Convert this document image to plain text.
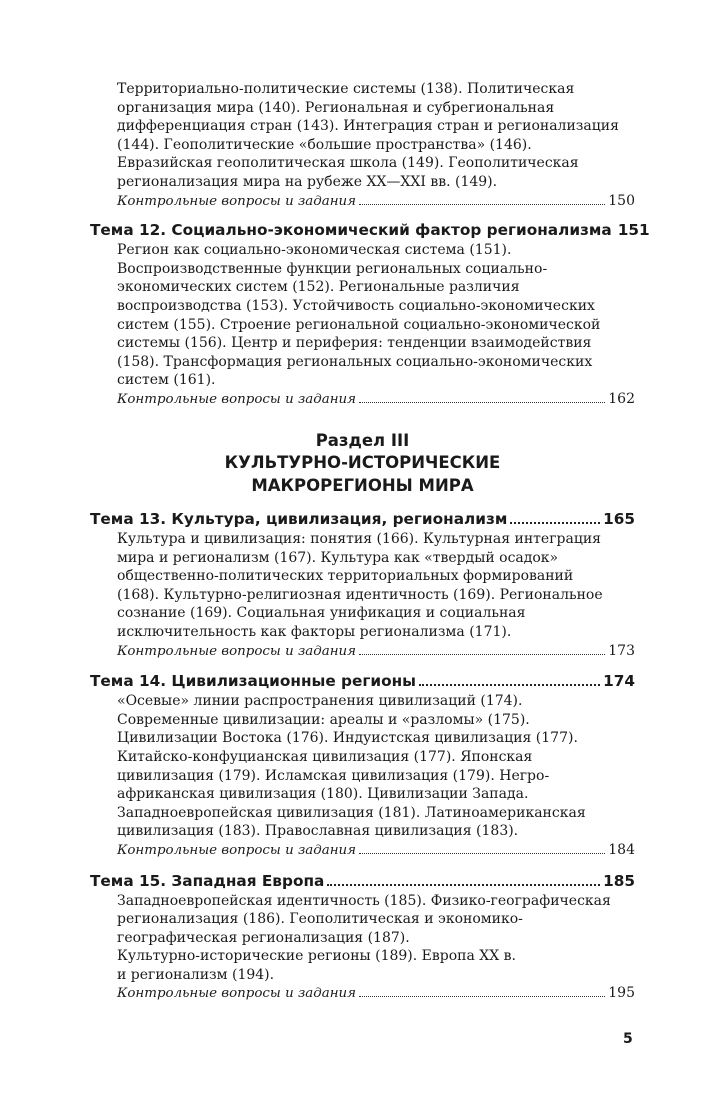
Территориально-политические системы (138). Политическая
организация мира (140). Региональная и субрегиональная
дифференциация стран (143). Интеграция стран и регионализация
(144). Геополитические «большие пространства» (146).
Евразийская геополитическая школа (149). Геополитическая
регионализация мира на рубеже XX—XXI вв. (149).
Контрольные вопросы и задания	150
Тема 12. Социально-экономический фактор регионализма 151
Регион как социально-экономическая система (151).
Воспроизводственные функции региональных социально-
экономических систем (152). Региональные различия
воспроизводства (153). Устойчивость социально-экономических
систем (155). Строение региональной социально-экономической
системы (156). Центр и периферия: тенденции взаимодействия
(158). Трансформация региональных социально-экономических
систем (161).
Контрольные вопросы и задания	162
Раздел III
КУЛЬТУРНО-ИСТОРИЧЕСКИЕ
МАКРОРЕГИОНЫ МИРА
Тема 13. Культура, цивилизация, регионализм	165
Культура и цивилизация: понятия (166). Культурная интеграция
мира и регионализм (167). Культура как «твердый осадок»
общественно-политических территориальных формирований
(168). Культурно-религиозная идентичность (169). Региональное
сознание (169). Социальная унификация и социальная
исключительность как факторы регионализма (171).
Контрольные вопросы и задания	173
Тема 14. Цивилизационные регионы	174
«Осевые» линии распространения цивилизаций (174).
Современные цивилизации: ареалы и «разломы» (175).
Цивилизации Востока (176). Индуистская цивилизация (177).
Китайско-конфуцианская цивилизация (177). Японская
цивилизация (179). Исламская цивилизация (179). Негро-
африканская цивилизация (180). Цивилизации Запада.
Западноевропейская цивилизация (181). Латиноамериканская
цивилизация (183). Православная цивилизация (183).
Контрольные вопросы и задания	184
Тема 15. Западная Европа	185
Западноевропейская идентичность (185). Физико-географическая
регионализация (186). Геополитическая и экономико-
географическая регионализация (187).
Культурно-исторические регионы (189). Европа XX в.
и регионализм (194).
Контрольные вопросы и задания	195
5
